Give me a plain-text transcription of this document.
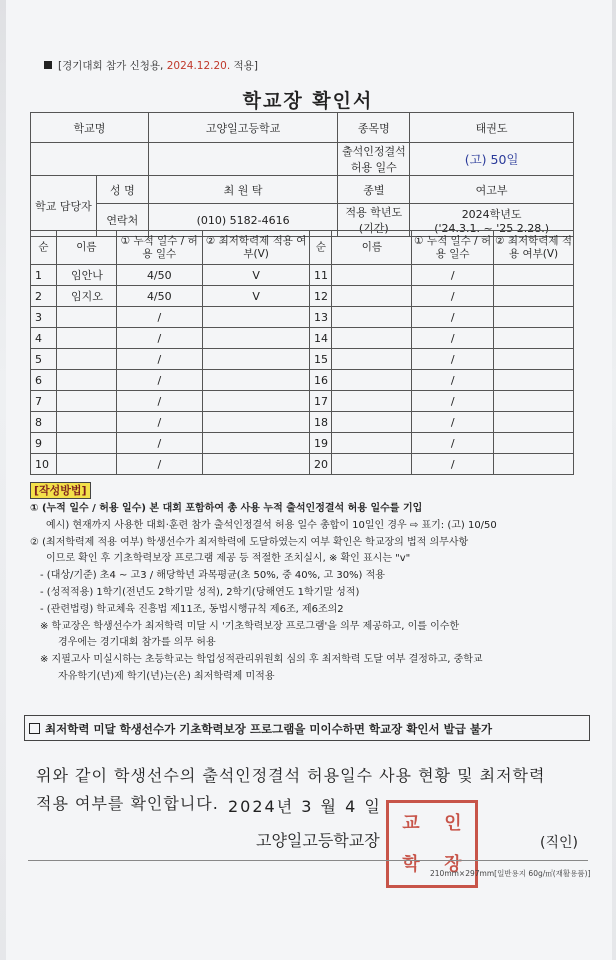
[경기대회 참가 신청용, 2024.12.20. 적용]
학교장 확인서
학교명		고양일고등학교	종목명	태권도
			출석인정결석 허용 일수	(고) 50일
학교 담당자	성 명	최 원 탁	종별	여고부
	연락처	(010) 5182-4616	적용 학년도 (기간)	2024학년도
('24.3.1. ~ '25 2.28.)
순	이름	① 누적 일수 / 허용 일수	② 최저학력제 적용 여부(V)	순	이름	① 누적 일수 / 허용 일수	② 최저학력제 적용 여부(V)
1	임안나	4/50	V	11		/	
2	임지오	4/50	V	12		/	
3		/		13		/	
4		/		14		/	
5		/		15		/	
6		/		16		/	
7		/		17		/	
8		/		18		/	
9		/		19		/	
10		/		20		/	
[작성방법]

① (누적 일수 / 허용 일수) 본 대회 포함하여 총 사용 누적 출석인정결석 허용 일수를 기입

예시) 현재까지 사용한 대회·훈련 참가 출석인정결석 허용 일수 총합이 10일인 경우 ⇨ 표기: (고) 10/50

② (최저학력제 적용 여부) 학생선수가 최저학력에 도달하였는지 여부 확인은 학교장의 법적 의무사항

이므로 확인 후 기초학력보장 프로그램 제공 등 적절한 조치실시, ※ 확인 표시는 "v"

- (대상/기준) 초4 ~ 고3 / 해당학년 과목평균(초 50%, 중 40%, 고 30%) 적용

- (성적적용) 1학기(전년도 2학기말 성적), 2학기(당해연도 1학기말 성적)

- (관련법령) 학교체육 진흥법 제11조, 동법시행규칙 제6조, 제6조의2

※ 학교장은 학생선수가 최저학력 미달 시 '기초학력보장 프로그램'을 의무 제공하고, 이를 이수한

경우에는 경기대회 참가를 의무 허용

※ 지필고사 미실시하는 초등학교는 학업성적관리위원회 심의 후 최저학력 도달 여부 결정하고, 중학교

자유학기(년)제 학기(년)는(은) 최저학력제 미적용

최저학력 미달 학생선수가 기초학력보장 프로그램을 미이수하면 학교장 확인서 발급 불가
위와 같이 학생선수의 출석인정결석 허용일수 사용 현황 및 최저학력
적용 여부를 확인합니다. 2024년 3 월 4 일
교	인
학	장
고양일고등학교장	(직인)
210mm×297mm[일반용지 60g/㎡(재활용품)]
